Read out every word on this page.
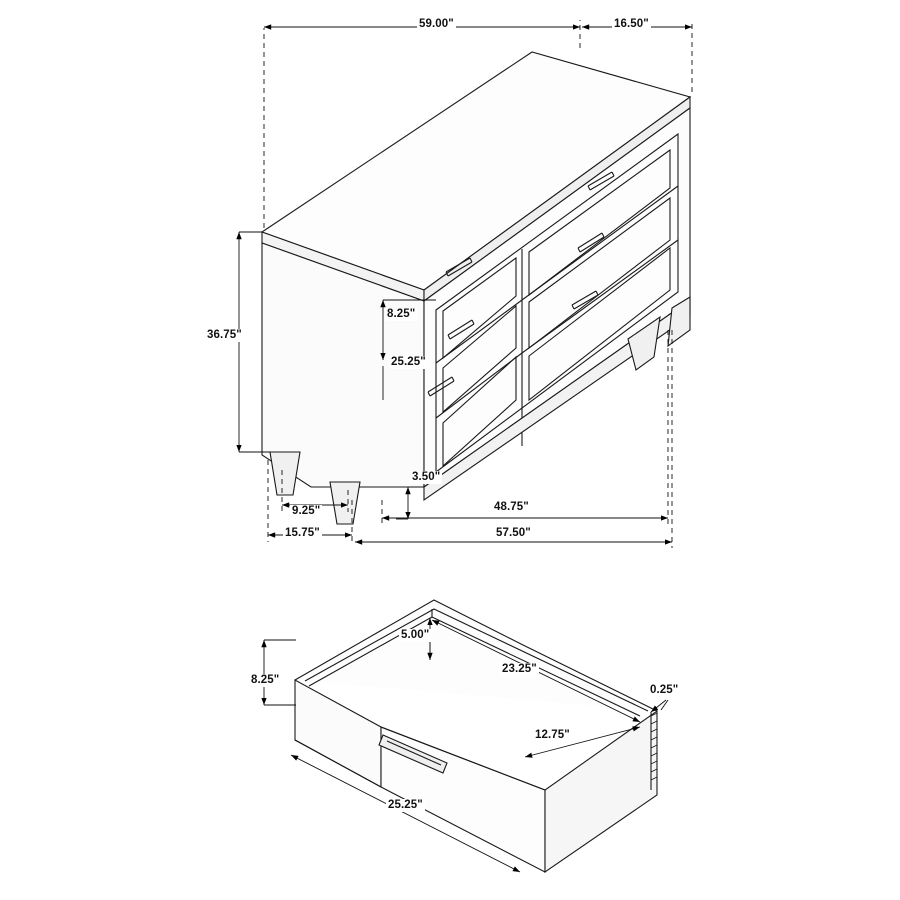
59.00"	16.50"
36.75"
8.25"
25.25"
3.50"
9.25"
15.75"
48.75"
57.50"
5.00"
23.25"
8.25"
0.25"
12.75"
25.25"
